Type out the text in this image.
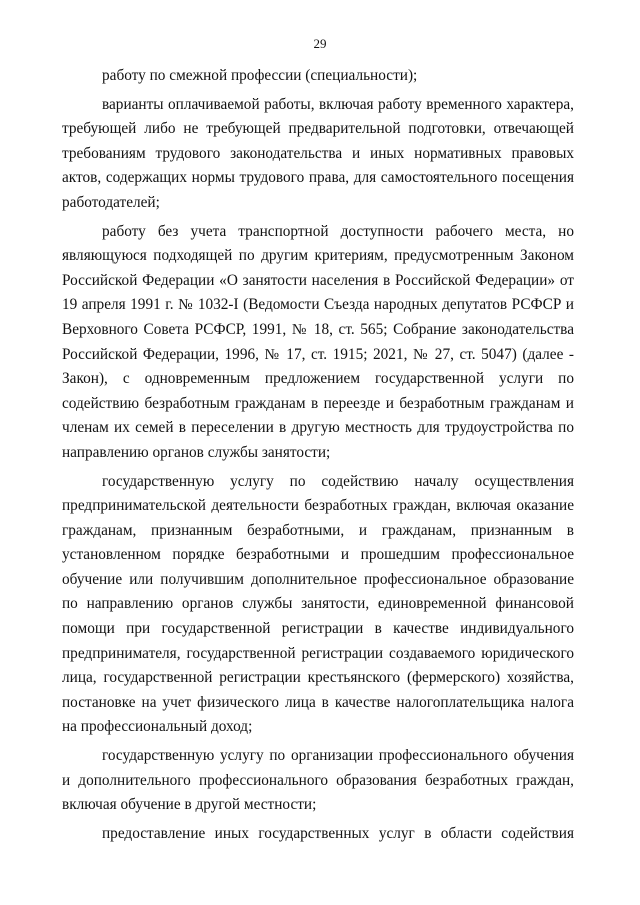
29

работу по смежной профессии (специальности);

варианты оплачиваемой работы, включая работу временного характера, требующей либо не требующей предварительной подготовки, отвечающей требованиям трудового законодательства и иных нормативных правовых актов, содержащих нормы трудового права, для самостоятельного посещения работодателей;

работу без учета транспортной доступности рабочего места, но являющуюся подходящей по другим критериям, предусмотренным Законом Российской Федерации «О занятости населения в Российской Федерации» от 19 апреля 1991 г. № 1032-I (Ведомости Съезда народных депутатов РСФСР и Верховного Совета РСФСР, 1991, № 18, ст. 565; Собрание законодательства Российской Федерации, 1996, № 17, ст. 1915; 2021, № 27, ст. 5047) (далее - Закон), с одновременным предложением государственной услуги по содействию безработным гражданам в переезде и безработным гражданам и членам их семей в переселении в другую местность для трудоустройства по направлению органов службы занятости;

государственную услугу по содействию началу осуществления предпринимательской деятельности безработных граждан, включая оказание гражданам, признанным безработными, и гражданам, признанным в установленном порядке безработными и прошедшим профессиональное обучение или получившим дополнительное профессиональное образование по направлению органов службы занятости, единовременной финансовой помощи при государственной регистрации в качестве индивидуального предпринимателя, государственной регистрации создаваемого юридического лица, государственной регистрации крестьянского (фермерского) хозяйства, постановке на учет физического лица в качестве налогоплательщика налога на профессиональный доход;

государственную услугу по организации профессионального обучения и дополнительного профессионального образования безработных граждан, включая обучение в другой местности;

предоставление иных государственных услуг в области содействия
